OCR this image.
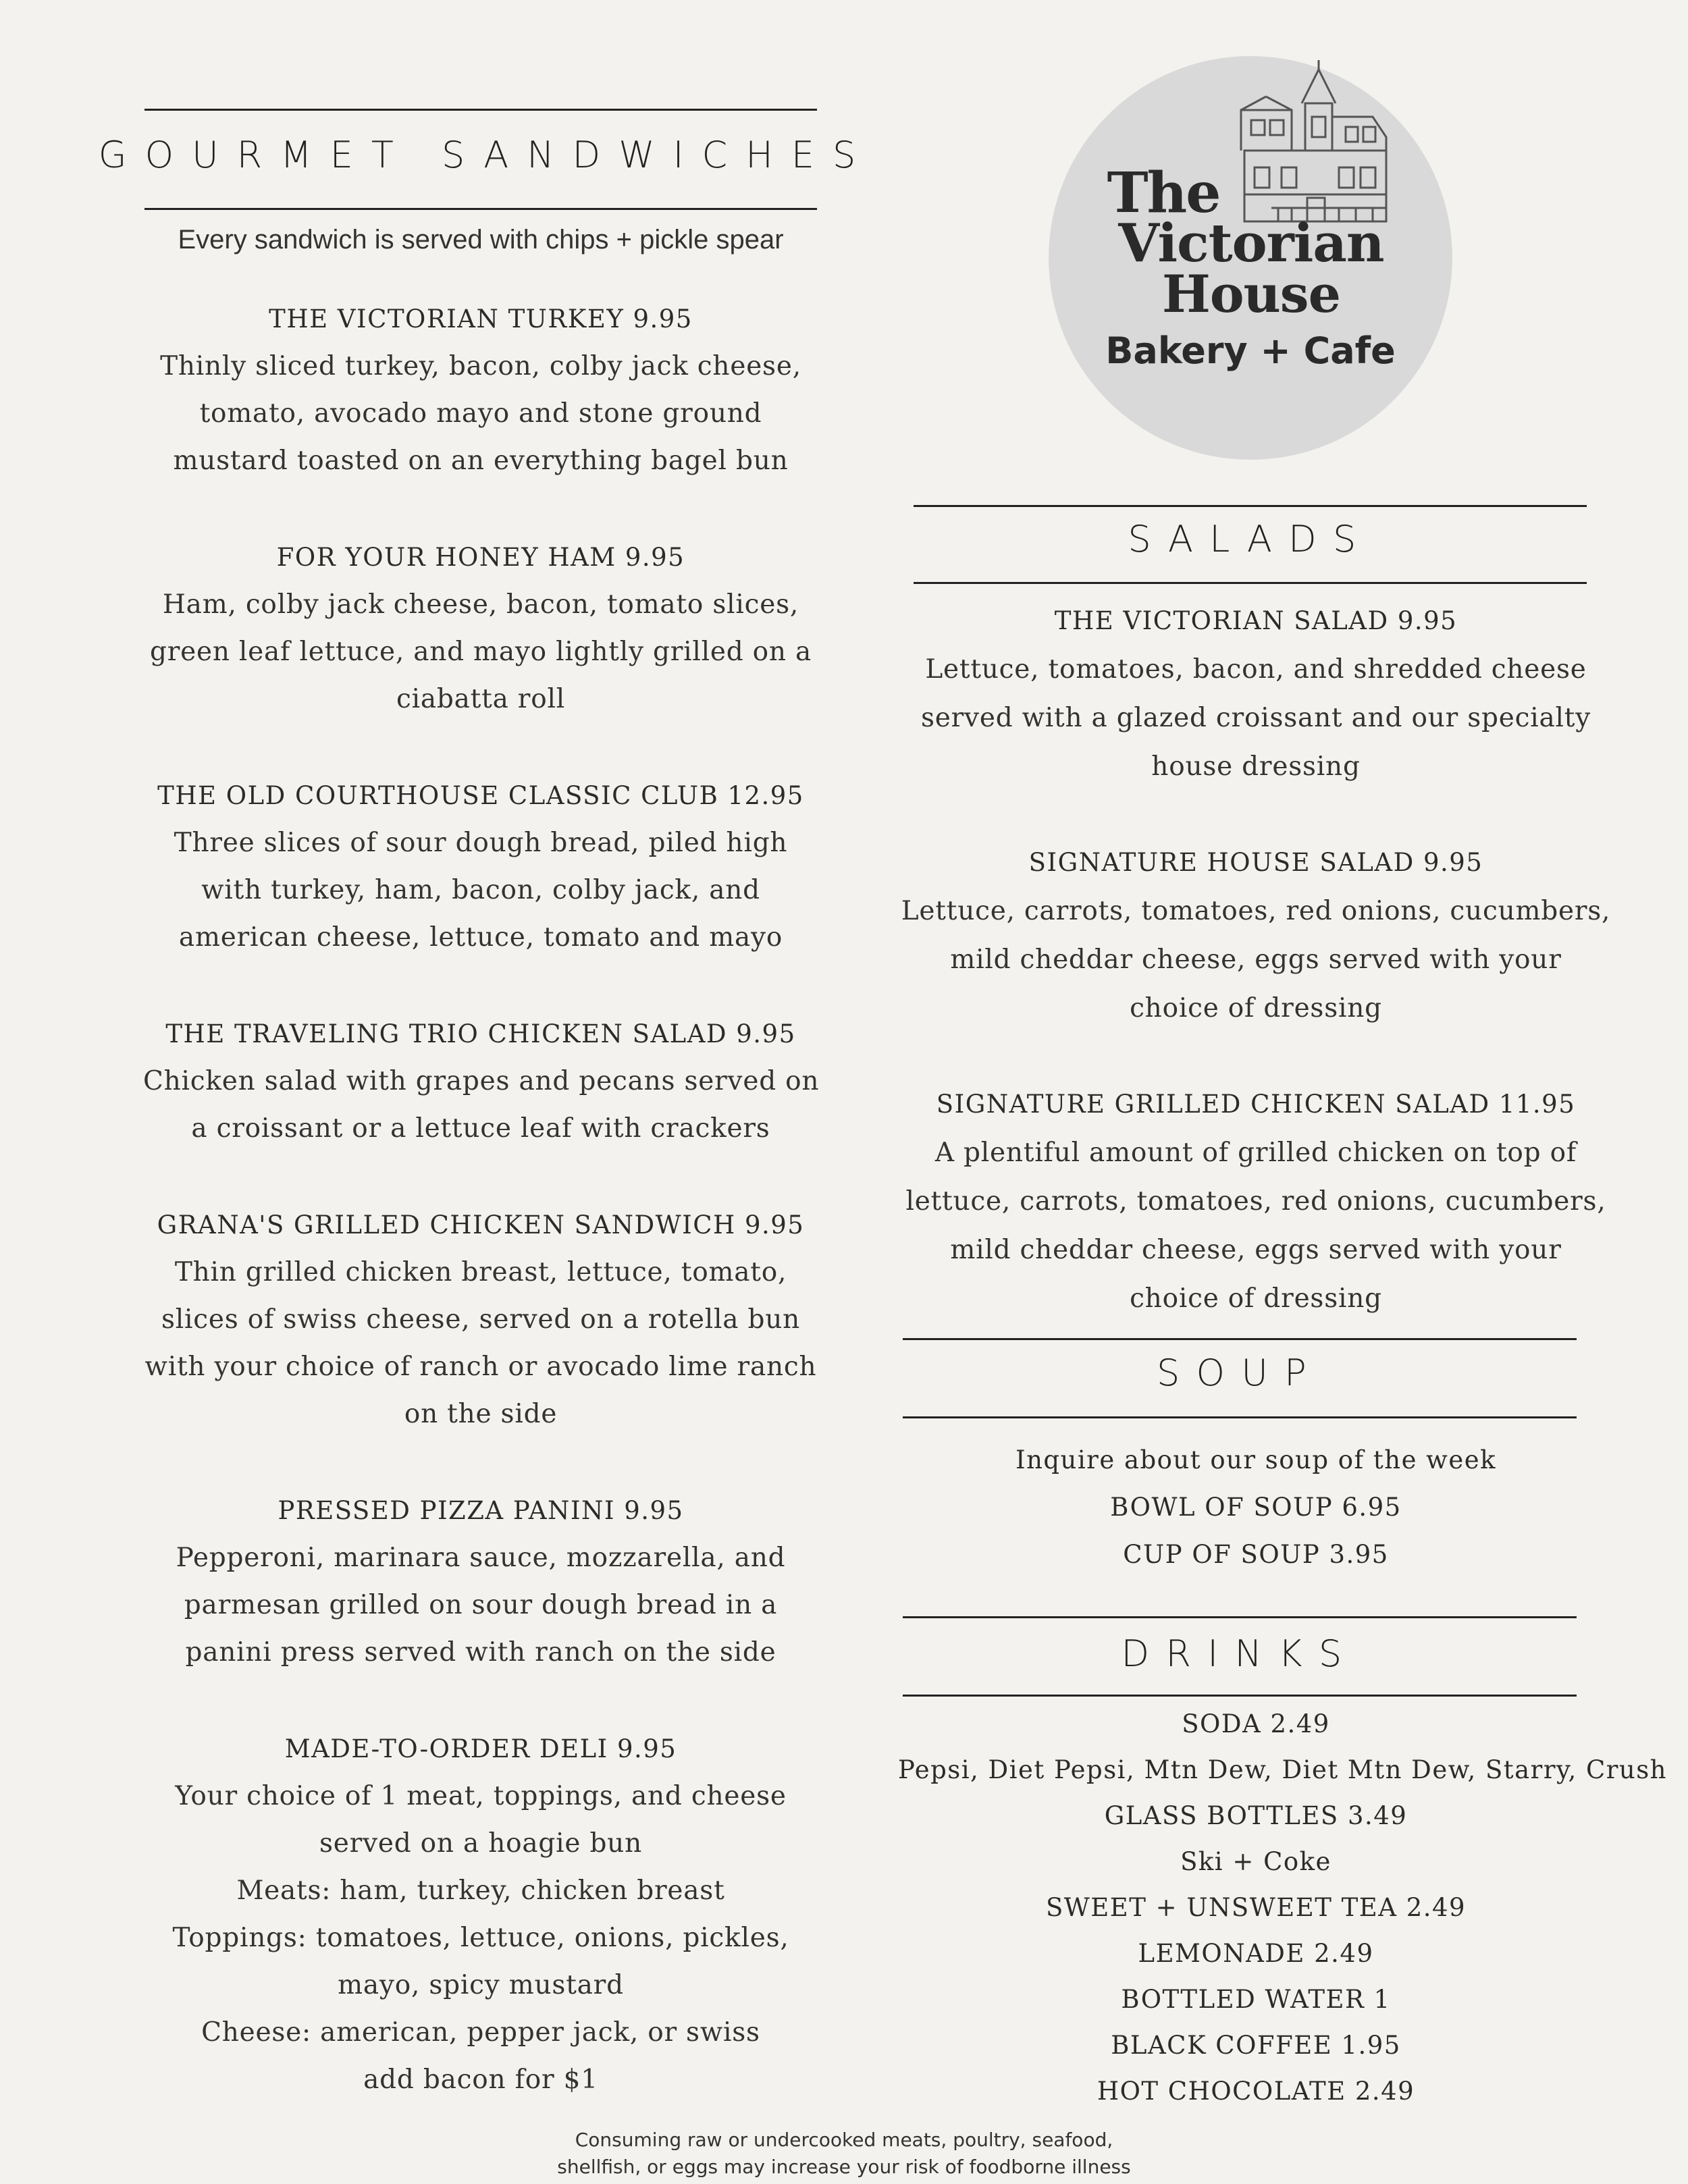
GOURMET SANDWICHES
Every sandwich is served with chips + pickle spear
THE VICTORIAN TURKEY 9.95
Thinly sliced turkey, bacon, colby jack cheese,
tomato, avocado mayo and stone ground
mustard toasted on an everything bagel bun
FOR YOUR HONEY HAM 9.95
Ham, colby jack cheese, bacon, tomato slices,
green leaf lettuce, and mayo lightly grilled on a
ciabatta roll
THE OLD COURTHOUSE CLASSIC CLUB 12.95
Three slices of sour dough bread, piled high
with turkey, ham, bacon, colby jack, and
american cheese, lettuce, tomato and mayo
THE TRAVELING TRIO CHICKEN SALAD 9.95
Chicken salad with grapes and pecans served on
a croissant or a lettuce leaf with crackers
GRANA'S GRILLED CHICKEN SANDWICH 9.95
Thin grilled chicken breast, lettuce, tomato,
slices of swiss cheese, served on a rotella bun
with your choice of ranch or avocado lime ranch
on the side
PRESSED PIZZA PANINI 9.95
Pepperoni, marinara sauce, mozzarella, and
parmesan grilled on sour dough bread in a
panini press served with ranch on the side
MADE-TO-ORDER DELI 9.95
Your choice of 1 meat, toppings, and cheese
served on a hoagie bun
Meats: ham, turkey, chicken breast
Toppings: tomatoes, lettuce, onions, pickles,
mayo, spicy mustard
Cheese: american, pepper jack, or swiss
add bacon for $1
The
Victorian
House
Bakery + Cafe
SALADS
THE VICTORIAN SALAD 9.95
Lettuce, tomatoes, bacon, and shredded cheese
served with a glazed croissant and our specialty
house dressing
SIGNATURE HOUSE SALAD 9.95
Lettuce, carrots, tomatoes, red onions, cucumbers,
mild cheddar cheese, eggs served with your
choice of dressing
SIGNATURE GRILLED CHICKEN SALAD 11.95
A plentiful amount of grilled chicken on top of
lettuce, carrots, tomatoes, red onions, cucumbers,
mild cheddar cheese, eggs served with your
choice of dressing
SOUP
Inquire about our soup of the week
BOWL OF SOUP 6.95
CUP OF SOUP 3.95
DRINKS
SODA 2.49
Pepsi, Diet Pepsi, Mtn Dew, Diet Mtn Dew, Starry, Crush
GLASS BOTTLES 3.49
Ski + Coke
SWEET + UNSWEET TEA 2.49
LEMONADE 2.49
BOTTLED WATER 1
BLACK COFFEE 1.95
HOT CHOCOLATE 2.49
Consuming raw or undercooked meats, poultry, seafood,
shellfish, or eggs may increase your risk of foodborne illness
